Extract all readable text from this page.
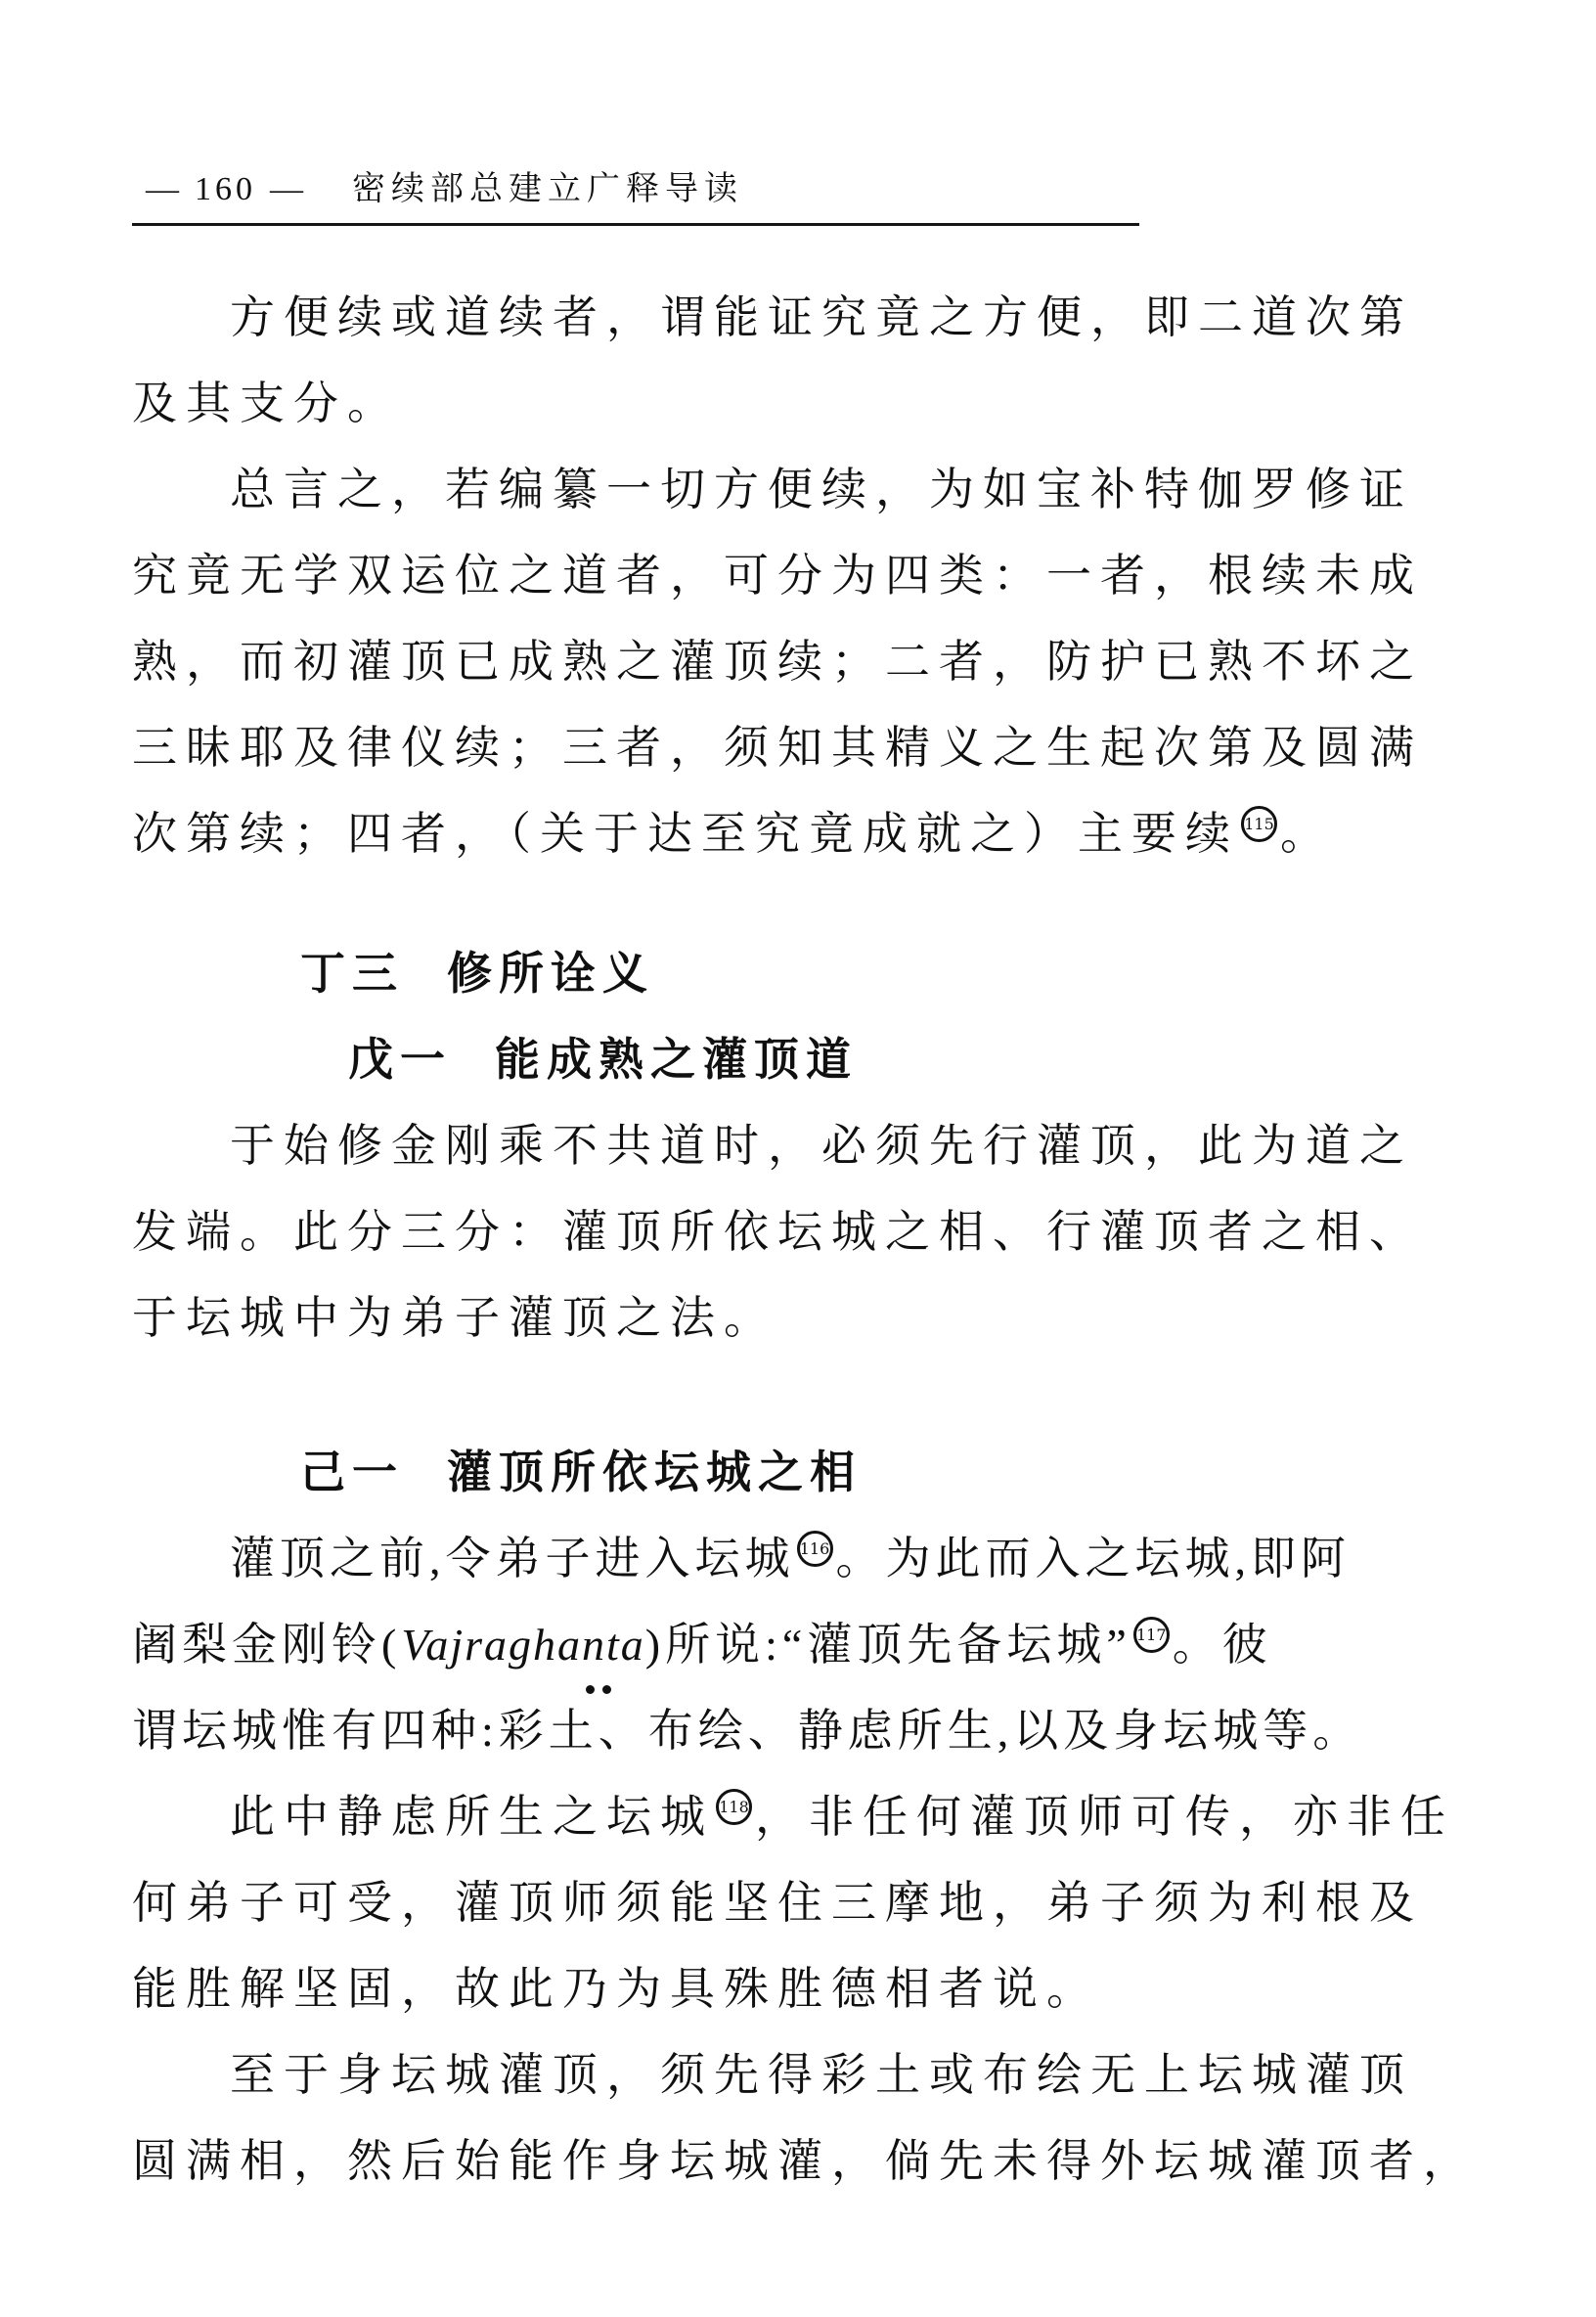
— 160 — 密续部总建立广释导读
方便续或道续者，谓能证究竟之方便，即二道次第
及其支分。
总言之，若编纂一切方便续，为如宝补特伽罗修证
究竟无学双运位之道者，可分为四类：一者，根续未成
熟，而初灌顶已成熟之灌顶续；二者，防护已熟不坏之
三昧耶及律仪续；三者，须知其精义之生起次第及圆满
次第续；四者，（关于达至究竟成就之）主要续 115 。
丁三 修所诠义
戊一 能成熟之灌顶道
于始修金刚乘不共道时，必须先行灌顶，此为道之
发端。此分三分：灌顶所依坛城之相、行灌顶者之相、
于坛城中为弟子灌顶之法。
己一 灌顶所依坛城之相
灌顶之前,令弟子进入坛城 116 。为此而入之坛城,即阿
阇梨金刚铃(Vajraghanta)所说:“灌顶先备坛城” 117 。彼
谓坛城惟有四种:彩土、布绘、静虑所生,以及身坛城等。
此中静虑所生之坛城 118 ，非任何灌顶师可传，亦非任
何弟子可受，灌顶师须能坚住三摩地，弟子须为利根及
能胜解坚固，故此乃为具殊胜德相者说。
至于身坛城灌顶，须先得彩土或布绘无上坛城灌顶
圆满相，然后始能作身坛城灌，倘先未得外坛城灌顶者，
